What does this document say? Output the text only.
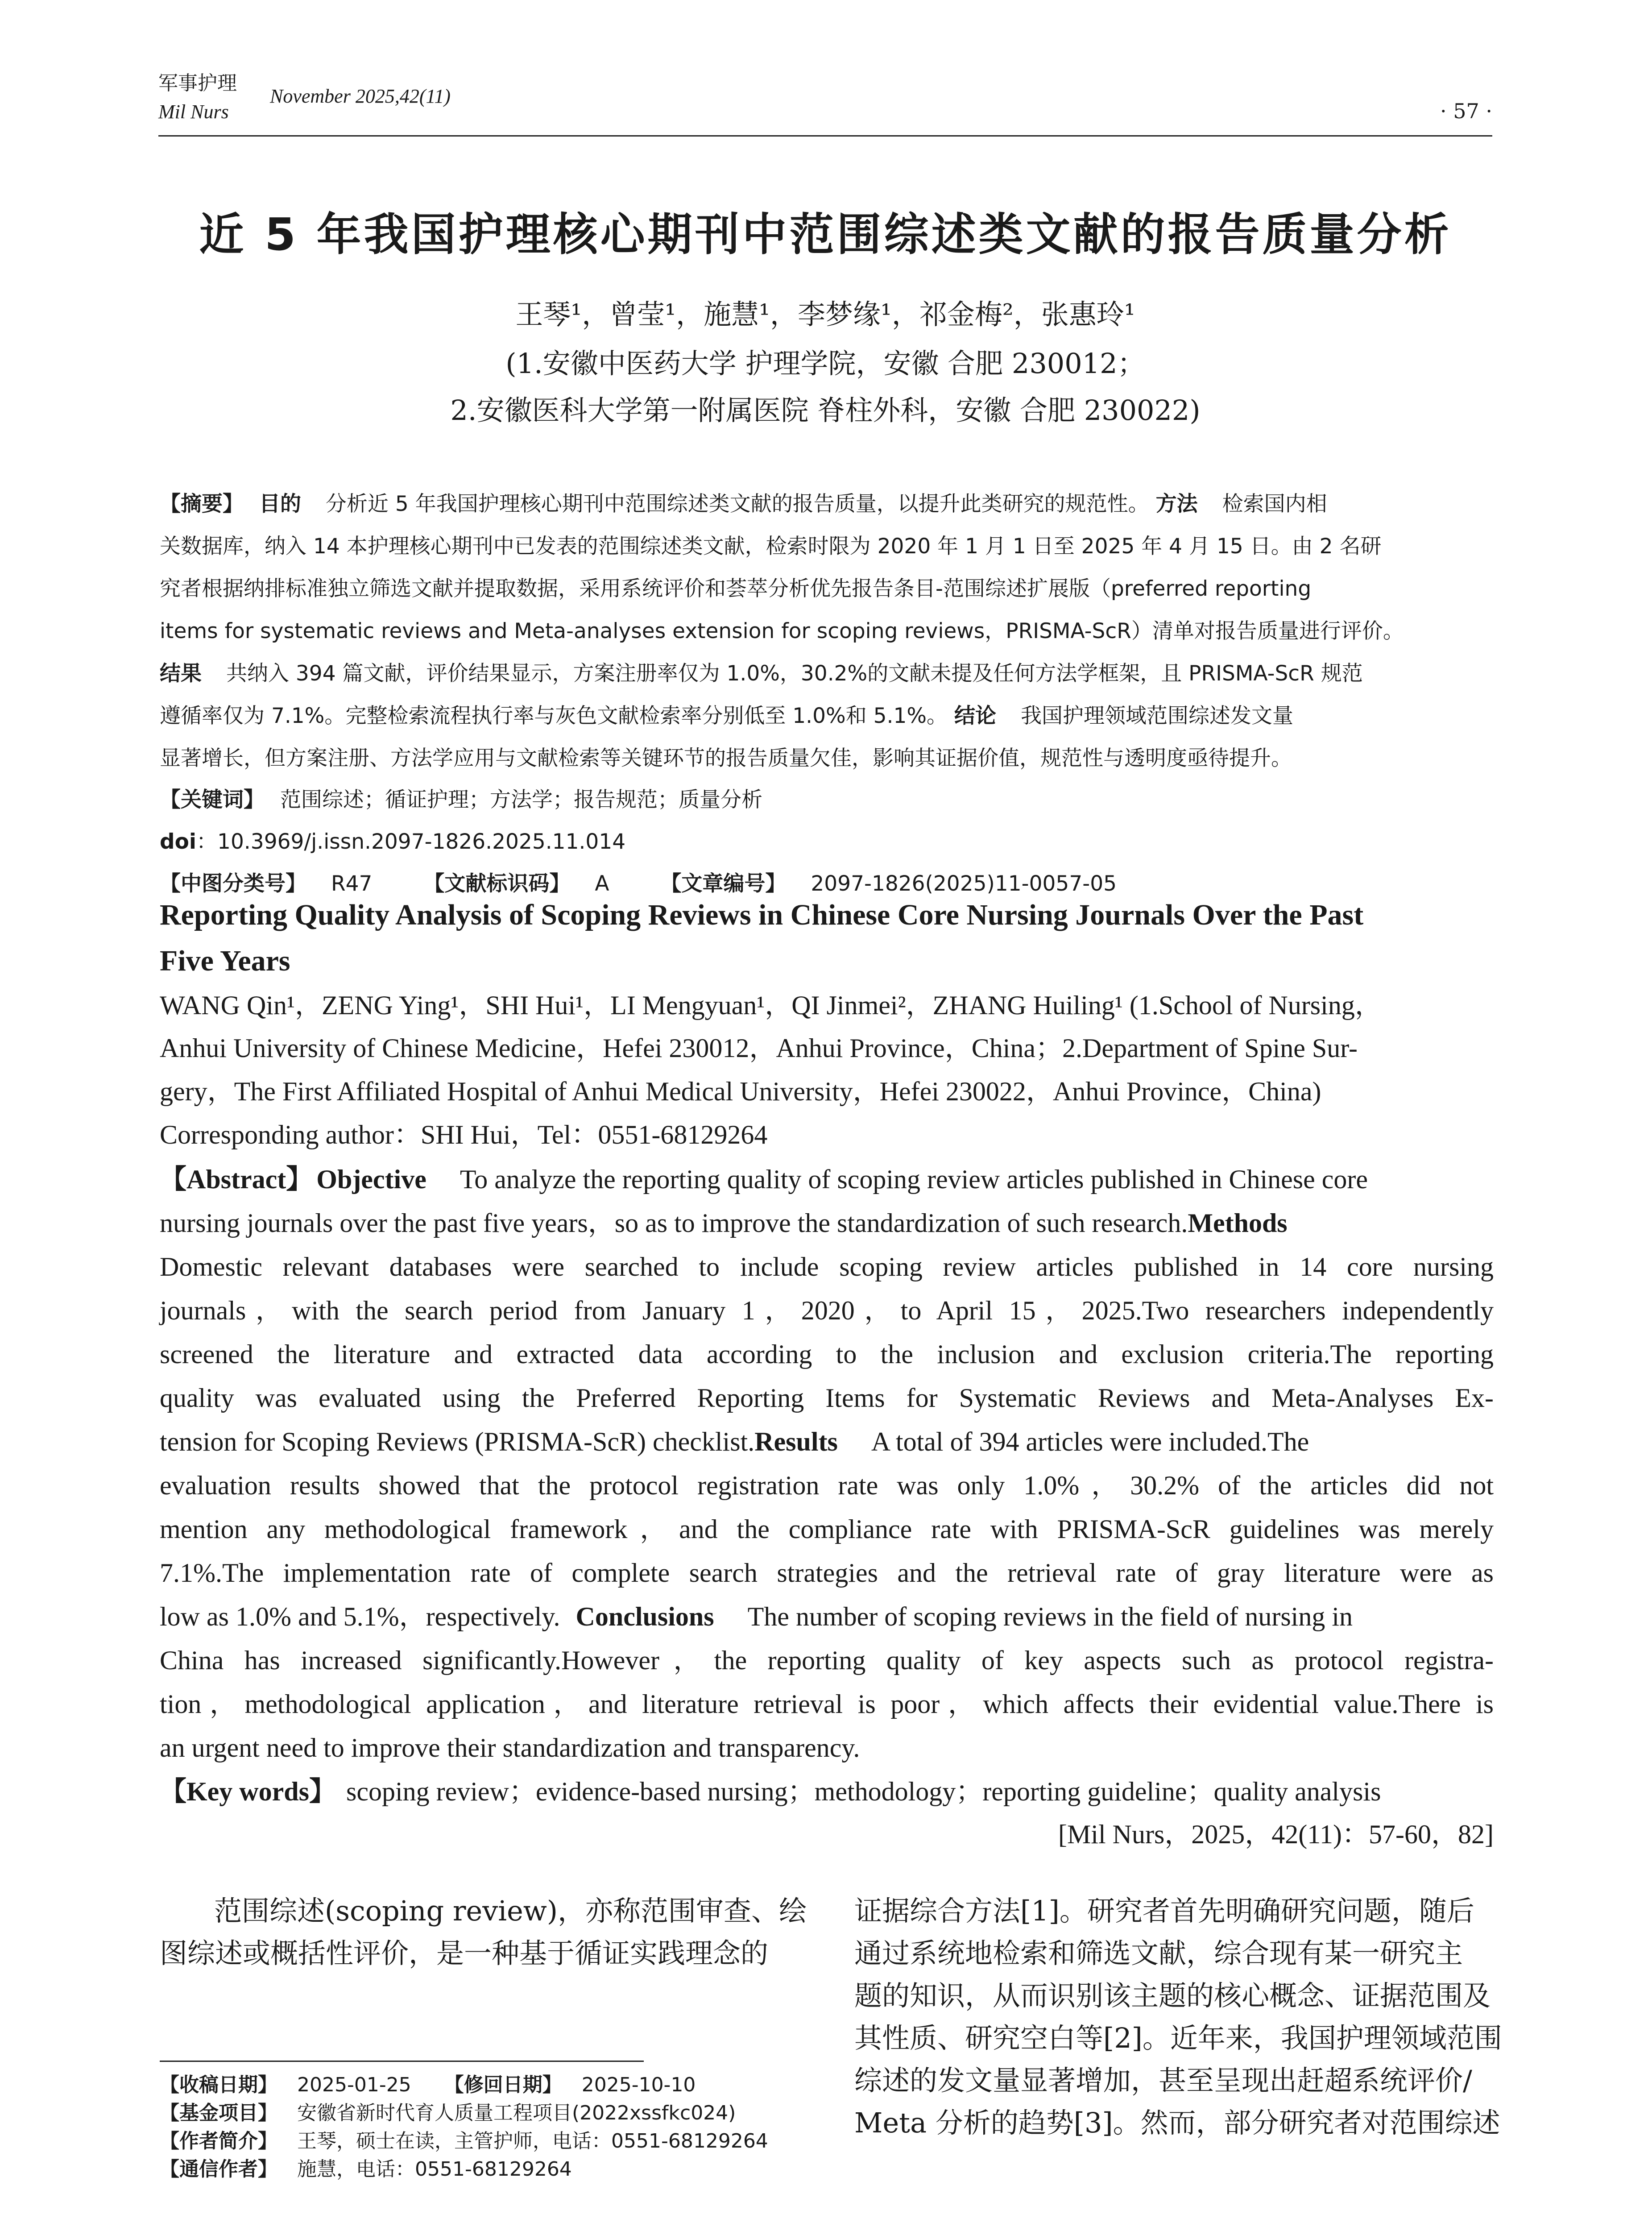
军事护理
Mil Nurs
November 2025,42(11)
· 57 ·
近 5 年我国护理核心期刊中范围综述类文献的报告质量分析
王琴¹，曾莹¹，施慧¹，李梦缘¹，祁金梅²，张惠玲¹
(1.安徽中医药大学 护理学院，安徽 合肥 230012；
2.安徽医科大学第一附属医院 脊柱外科，安徽 合肥 230022)
【摘要】 目的 分析近 5 年我国护理核心期刊中范围综述类文献的报告质量，以提升此类研究的规范性。 方法 检索国内相
关数据库，纳入 14 本护理核心期刊中已发表的范围综述类文献，检索时限为 2020 年 1 月 1 日至 2025 年 4 月 15 日。由 2 名研
究者根据纳排标准独立筛选文献并提取数据，采用系统评价和荟萃分析优先报告条目-范围综述扩展版（preferred reporting
items for systematic reviews and Meta-analyses extension for scoping reviews，PRISMA-ScR）清单对报告质量进行评价。
结果 共纳入 394 篇文献，评价结果显示，方案注册率仅为 1.0%，30.2%的文献未提及任何方法学框架，且 PRISMA-ScR 规范
遵循率仅为 7.1%。完整检索流程执行率与灰色文献检索率分别低至 1.0%和 5.1%。 结论 我国护理领域范围综述发文量
显著增长，但方案注册、方法学应用与文献检索等关键环节的报告质量欠佳，影响其证据价值，规范性与透明度亟待提升。
【关键词】 范围综述；循证护理；方法学；报告规范；质量分析
doi：10.3969/j.issn.2097-1826.2025.11.014
【中图分类号】 R47 【文献标识码】 A 【文章编号】 2097-1826(2025)11-0057-05
Reporting Quality Analysis of Scoping Reviews in Chinese Core Nursing Journals Over the Past
Five Years
WANG Qin¹，ZENG Ying¹，SHI Hui¹，LI Mengyuan¹，QI Jinmei²，ZHANG Huiling¹ (1.School of Nursing，
Anhui University of Chinese Medicine，Hefei 230012，Anhui Province，China；2.Department of Spine Sur-
gery，The First Affiliated Hospital of Anhui Medical University，Hefei 230022，Anhui Province，China)
Corresponding author：SHI Hui，Tel：0551-68129264
【Abstract】 Objective To analyze the reporting quality of scoping review articles published in Chinese core
nursing journals over the past five years，so as to improve the standardization of such research.Methods
Domestic relevant databases were searched to include scoping review articles published in 14 core nursing
journals，with the search period from January 1，2020，to April 15，2025.Two researchers independently
screened the literature and extracted data according to the inclusion and exclusion criteria.The reporting
quality was evaluated using the Preferred Reporting Items for Systematic Reviews and Meta-Analyses Ex-
tension for Scoping Reviews (PRISMA-ScR) checklist.Results A total of 394 articles were included.The
evaluation results showed that the protocol registration rate was only 1.0%，30.2% of the articles did not
mention any methodological framework，and the compliance rate with PRISMA-ScR guidelines was merely
7.1%.The implementation rate of complete search strategies and the retrieval rate of gray literature were as
low as 1.0% and 5.1%，respectively. Conclusions The number of scoping reviews in the field of nursing in
China has increased significantly.However，the reporting quality of key aspects such as protocol registra-
tion，methodological application，and literature retrieval is poor，which affects their evidential value.There is
an urgent need to improve their standardization and transparency.
【Key words】 scoping review；evidence-based nursing；methodology；reporting guideline；quality analysis
[Mil Nurs，2025，42(11)：57-60，82]
范围综述(scoping review)，亦称范围审查、绘
图综述或概括性评价，是一种基于循证实践理念的
证据综合方法[1]。研究者首先明确研究问题，随后
通过系统地检索和筛选文献，综合现有某一研究主
题的知识，从而识别该主题的核心概念、证据范围及
其性质、研究空白等[2]。近年来，我国护理领域范围
综述的发文量显著增加，甚至呈现出赶超系统评价/
Meta 分析的趋势[3]。然而，部分研究者对范围综述
【收稿日期】 2025-01-25 【修回日期】 2025-10-10
【基金项目】 安徽省新时代育人质量工程项目(2022xssfkc024)
【作者简介】 王琴，硕士在读，主管护师，电话：0551-68129264
【通信作者】 施慧，电话：0551-68129264
